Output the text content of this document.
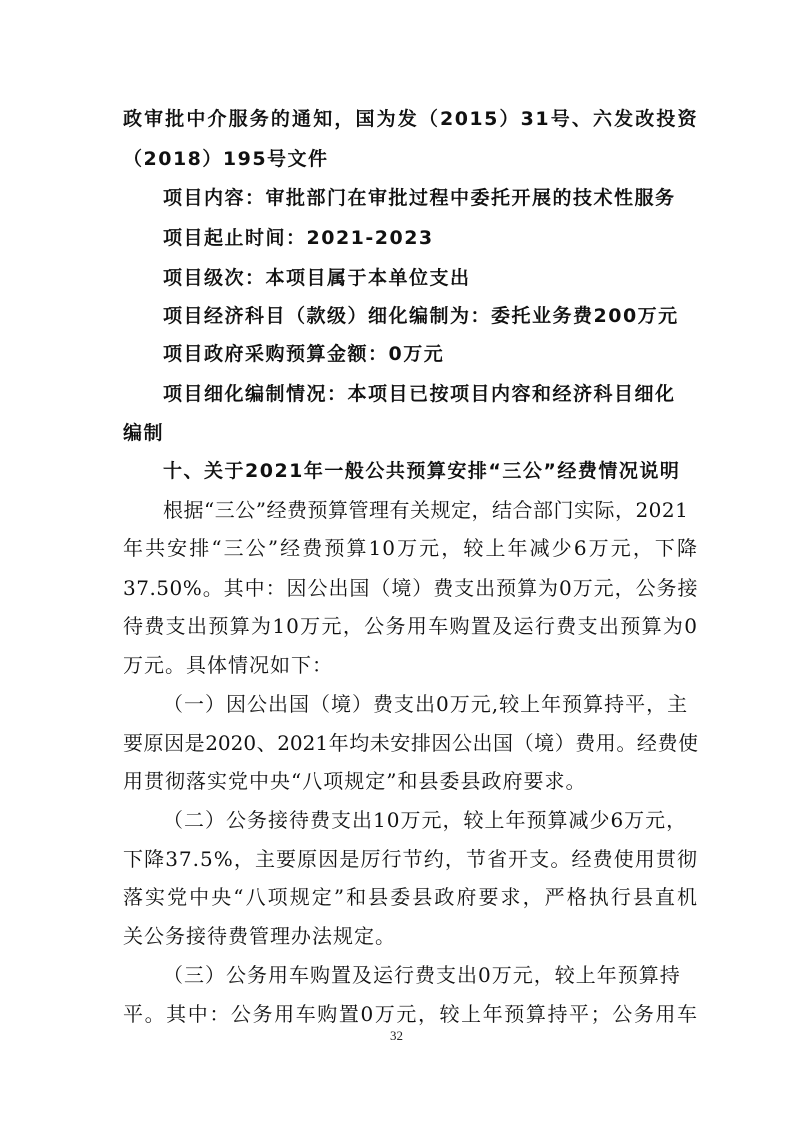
政审批中介服务的通知，国为发（2015）31号、六发改投资
（2018）195号文件
项目内容：审批部门在审批过程中委托开展的技术性服务
项目起止时间：2021-2023
项目级次：本项目属于本单位支出
项目经济科目（款级）细化编制为：委托业务费200万元
项目政府采购预算金额：0万元
项目细化编制情况：本项目已按项目内容和经济科目细化
编制
十、关于2021年一般公共预算安排“三公”经费情况说明
根据“三公”经费预算管理有关规定，结合部门实际，2021
年共安排“三公”经费预算10万元，较上年减少6万元，下降
37.50%。其中：因公出国（境）费支出预算为0万元，公务接
待费支出预算为10万元，公务用车购置及运行费支出预算为0
万元。具体情况如下：
（一）因公出国（境）费支出0万元,较上年预算持平，主
要原因是2020、2021年均未安排因公出国（境）费用。经费使
用贯彻落实党中央“八项规定”和县委县政府要求。
（二）公务接待费支出10万元，较上年预算减少6万元，
下降37.5%，主要原因是厉行节约，节省开支。经费使用贯彻
落实党中央“八项规定”和县委县政府要求，严格执行县直机
关公务接待费管理办法规定。
（三）公务用车购置及运行费支出0万元，较上年预算持
平。其中：公务用车购置0万元，较上年预算持平；公务用车
32
